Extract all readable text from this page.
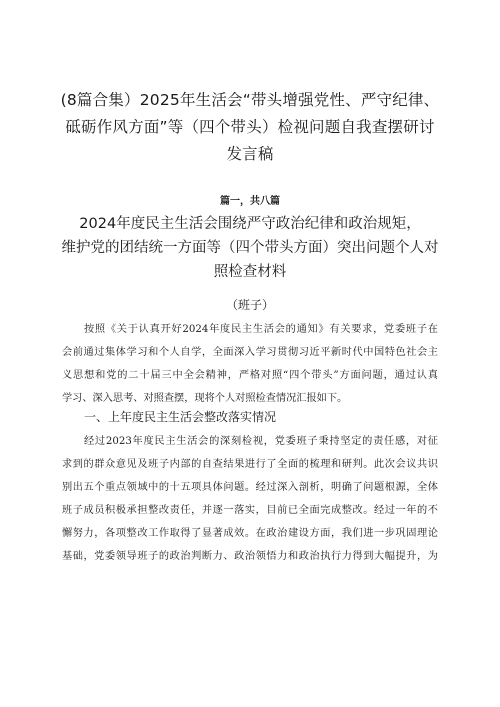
(8篇合集）2025年生活会“带头增强党性、严守纪律、
砥砺作风方面”等（四个带头）检视问题自我查摆研讨
发言稿
篇一，共八篇
2024年度民主生活会围绕严守政治纪律和政治规矩，
维护党的团结统一方面等（四个带头方面）突出问题个人对
照检查材料
（班子）
按照《关于认真开好2024年度民主生活会的通知》有关要求，党委班子在
会前通过集体学习和个人自学，全面深入学习贯彻习近平新时代中国特色社会主
义思想和党的二十届三中全会精神，严格对照“四个带头”方面问题，通过认真
学习、深入思考、对照查摆，现将个人对照检查情况汇报如下。
一、上年度民主生活会整改落实情况
经过2023年度民主生活会的深刻检视，党委班子秉持坚定的责任感，对征
求到的群众意见及班子内部的自查结果进行了全面的梳理和研判。此次会议共识
别出五个重点领域中的十五项具体问题。经过深入剖析，明确了问题根源，全体
班子成员积极承担整改责任，并逐一落实，目前已全面完成整改。经过一年的不
懈努力，各项整改工作取得了显著成效。在政治建设方面，我们进一步巩固理论
基础，党委领导班子的政治判断力、政治领悟力和政治执行力得到大幅提升，为
